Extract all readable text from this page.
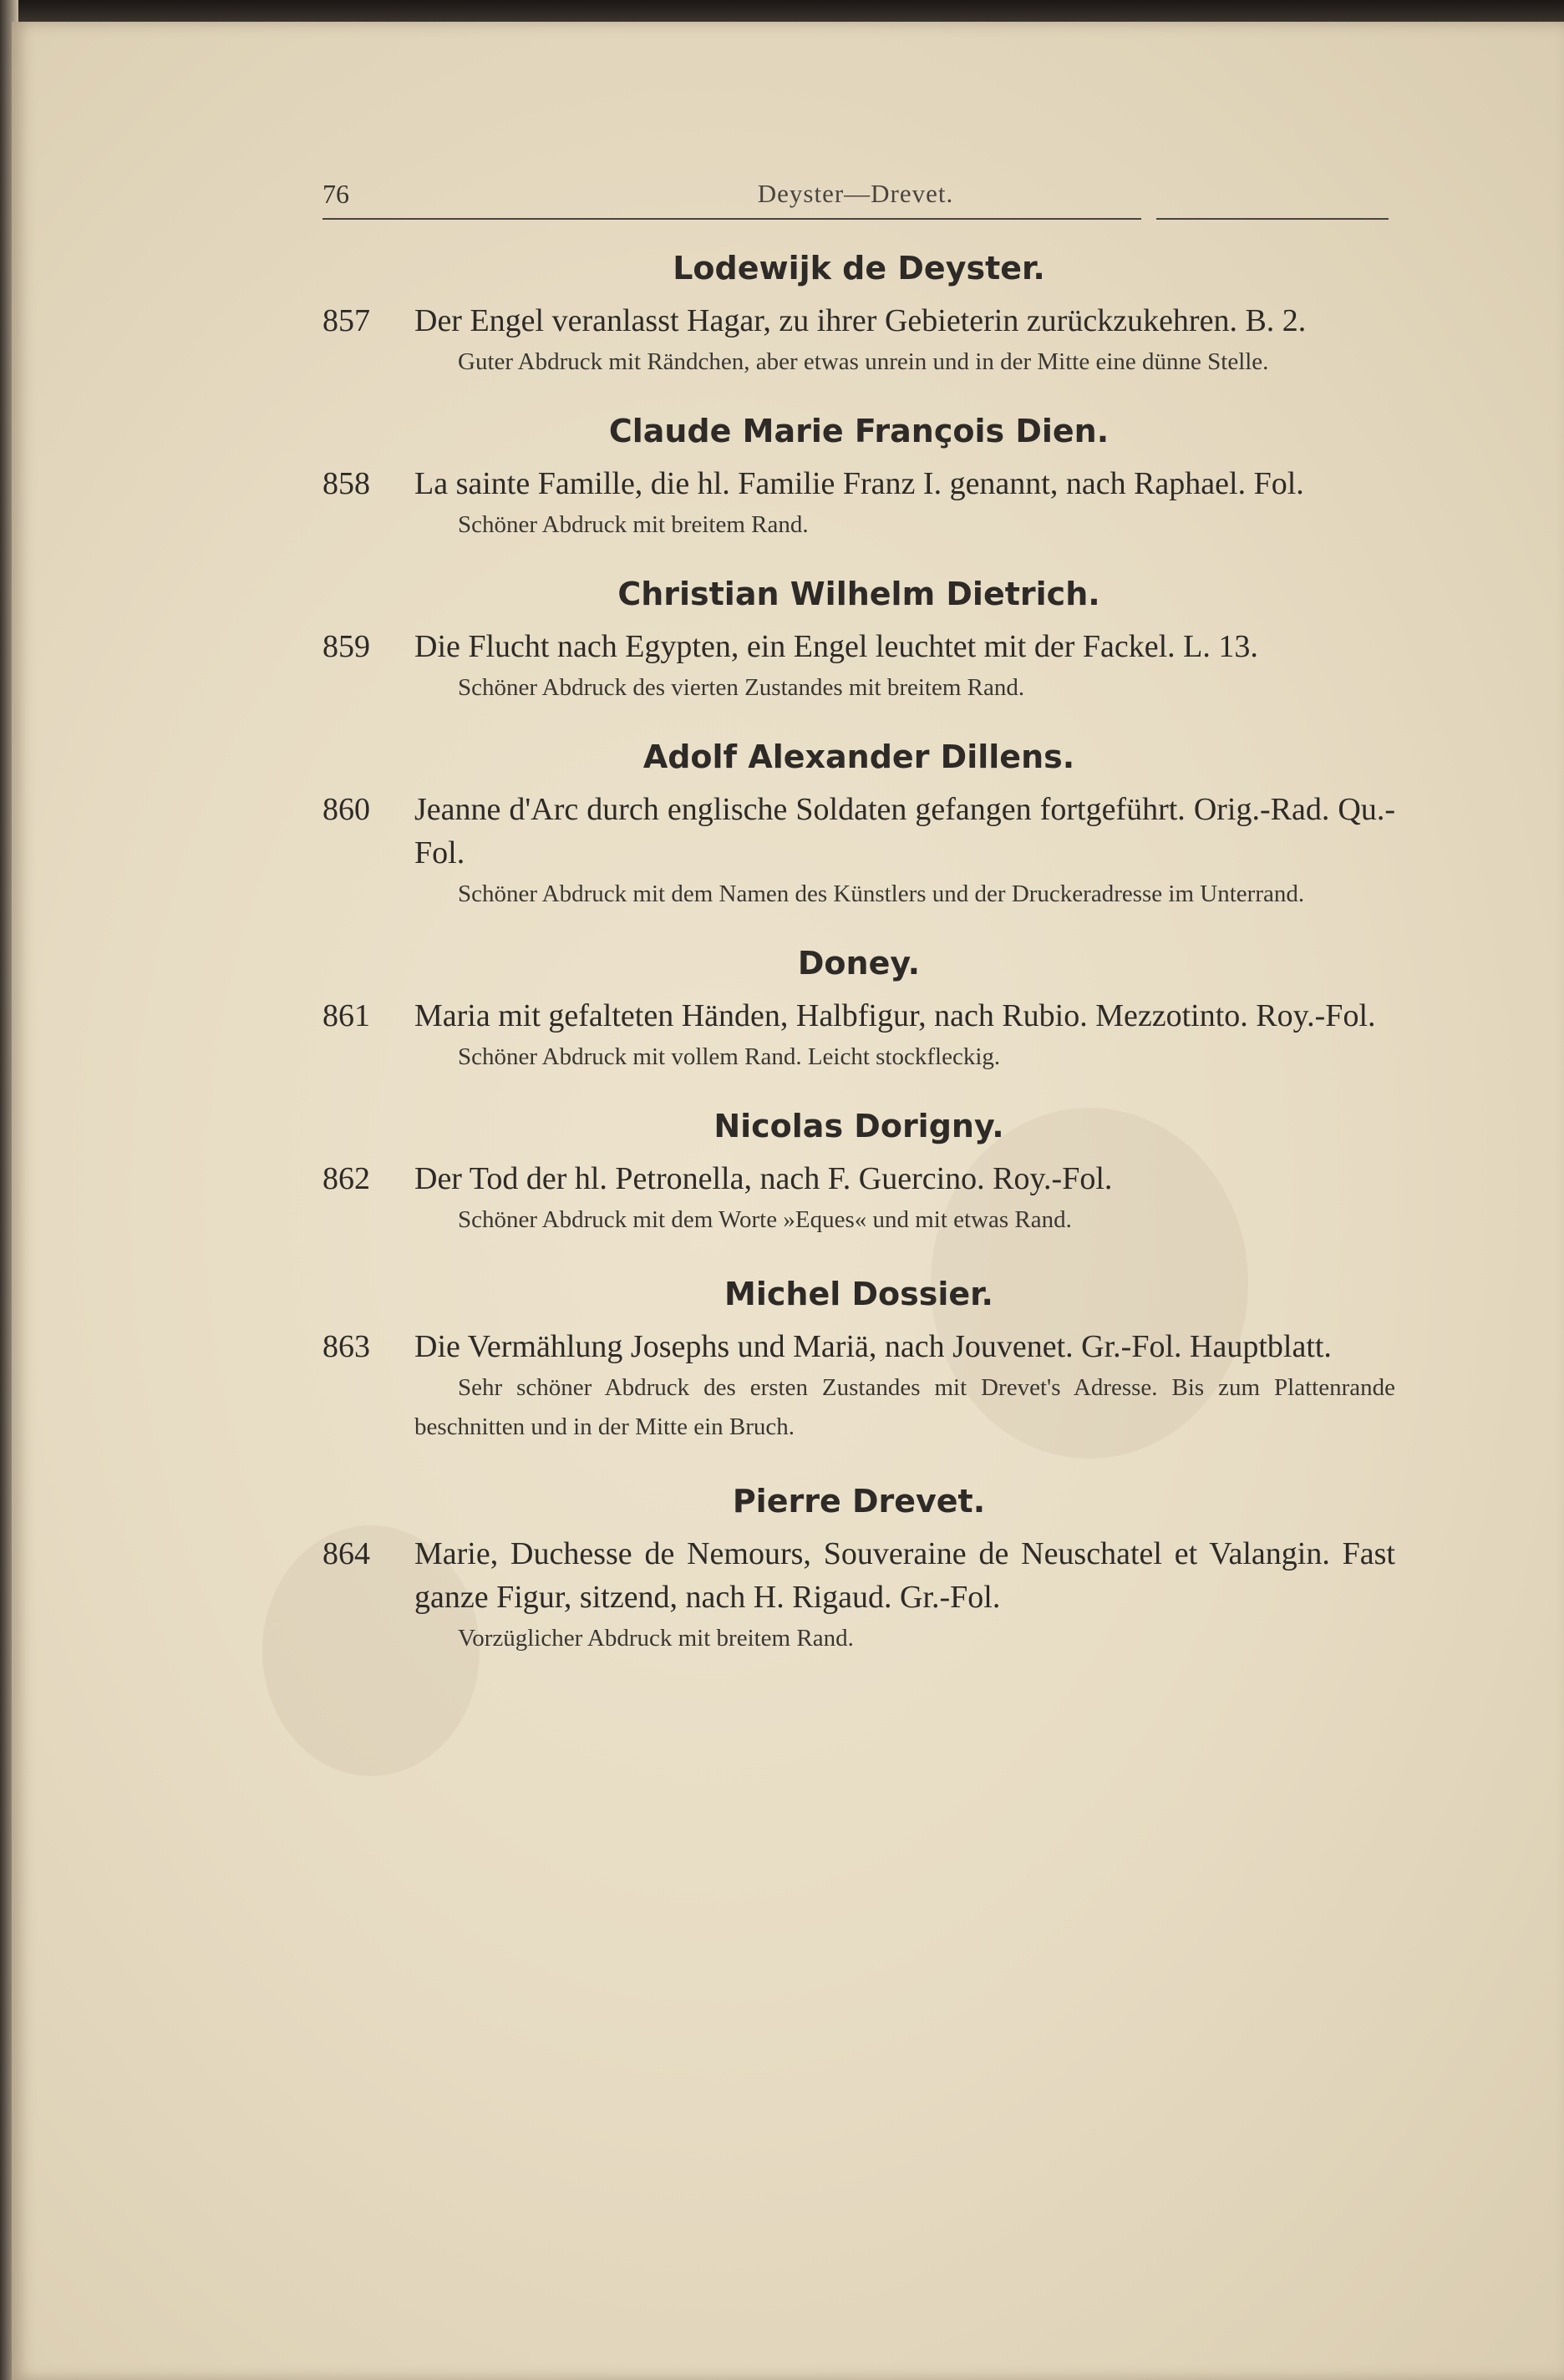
76	Deyster—Drevet.
Lodewijk de Deyster.
857 Der Engel veranlasst Hagar, zu ihrer Gebieterin zurückzukehren. B. 2.
Guter Abdruck mit Rändchen, aber etwas unrein und in der Mitte eine dünne Stelle.
Claude Marie François Dien.
858 La sainte Famille, die hl. Familie Franz I. genannt, nach Raphael. Fol.
Schöner Abdruck mit breitem Rand.
Christian Wilhelm Dietrich.
859 Die Flucht nach Egypten, ein Engel leuchtet mit der Fackel. L. 13.
Schöner Abdruck des vierten Zustandes mit breitem Rand.
Adolf Alexander Dillens.
860 Jeanne d'Arc durch englische Soldaten gefangen fortgeführt. Orig.-Rad. Qu.-Fol.
Schöner Abdruck mit dem Namen des Künstlers und der Druckeradresse im Unterrand.
Doney.
861 Maria mit gefalteten Händen, Halbfigur, nach Rubio. Mezzotinto. Roy.-Fol.
Schöner Abdruck mit vollem Rand. Leicht stockfleckig.
Nicolas Dorigny.
862 Der Tod der hl. Petronella, nach F. Guercino. Roy.-Fol.
Schöner Abdruck mit dem Worte »Eques« und mit etwas Rand.
Michel Dossier.
863 Die Vermählung Josephs und Mariä, nach Jouvenet. Gr.-Fol. Hauptblatt.
Sehr schöner Abdruck des ersten Zustandes mit Drevet's Adresse. Bis zum Plattenrande beschnitten und in der Mitte ein Bruch.
Pierre Drevet.
864 Marie, Duchesse de Nemours, Souveraine de Neuschatel et Valangin. Fast ganze Figur, sitzend, nach H. Rigaud. Gr.-Fol.
Vorzüglicher Abdruck mit breitem Rand.
